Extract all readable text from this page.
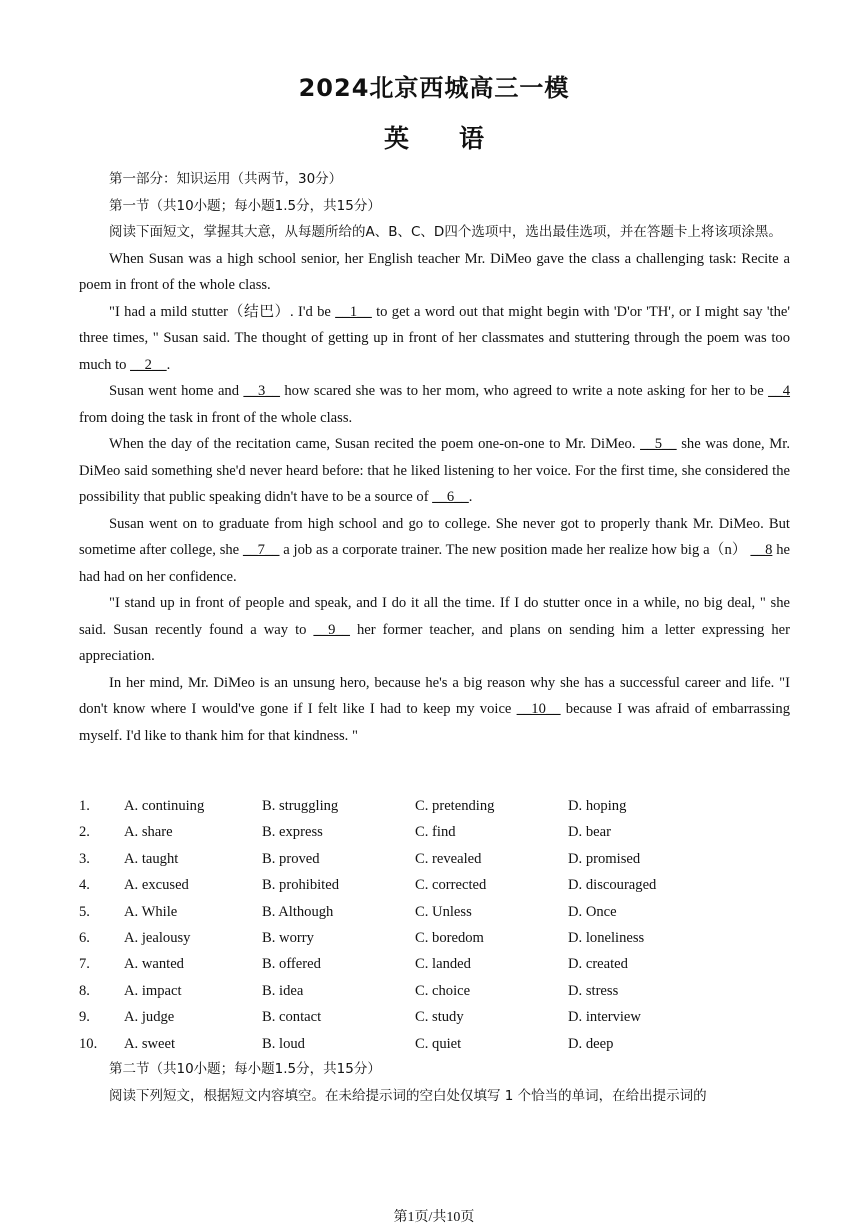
2024北京西城高三一模
英语

第一部分：知识运用（共两节，30分）

第一节（共10小题；每小题1.5分，共15分）

阅读下面短文，掌握其大意，从每题所给的A、B、C、D四个选项中，选出最佳选项，并在答题卡上将该项涂黑。

When Susan was a high school senior, her English teacher Mr. DiMeo gave the class a challenging task: Recite a poem in front of the whole class.

"I had a mild stutter（结巴）. I'd be __1__ to get a word out that might begin with 'D'or 'TH', or I might say 'the' three times, " Susan said. The thought of getting up in front of her classmates and stuttering through the poem was too much to __2__.

Susan went home and __3__ how scared she was to her mom, who agreed to write a note asking for her to be __4 from doing the task in front of the whole class.

When the day of the recitation came, Susan recited the poem one-on-one to Mr. DiMeo. __5__ she was done, Mr. DiMeo said something she'd never heard before: that he liked listening to her voice. For the first time, she considered the possibility that public speaking didn't have to be a source of __6__.

Susan went on to graduate from high school and go to college. She never got to properly thank Mr. DiMeo. But sometime after college, she __7__ a job as a corporate trainer. The new position made her realize how big a（n） __8 he had had on her confidence.

"I stand up in front of people and speak, and I do it all the time. If I do stutter once in a while, no big deal, " she said. Susan recently found a way to __9__ her former teacher, and plans on sending him a letter expressing her appreciation.

In her mind, Mr. DiMeo is an unsung hero, because he's a big reason why she has a successful career and life. "I don't know where I would've gone if I felt like I had to keep my voice __10__ because I was afraid of embarrassing myself. I'd like to thank him for that kindness. "

1. A. continuing	B. struggling	C. pretending	D. hoping
2. A. share	B. express	C. find	D. bear
3. A. taught	B. proved	C. revealed	D. promised
4. A. excused	B. prohibited	C. corrected	D. discouraged
5. A. While	B. Although	C. Unless	D. Once
6. A. jealousy	B. worry	C. boredom	D. loneliness
7. A. wanted	B. offered	C. landed	D. created
8. A. impact	B. idea	C. choice	D. stress
9. A. judge	B. contact	C. study	D. interview
10. A. sweet	B. loud	C. quiet	D. deep

第二节（共10小题；每小题1.5分，共15分）

阅读下列短文，根据短文内容填空。在未给提示词的空白处仅填写 1 个恰当的单词，在给出提示词的

第1页/共10页
